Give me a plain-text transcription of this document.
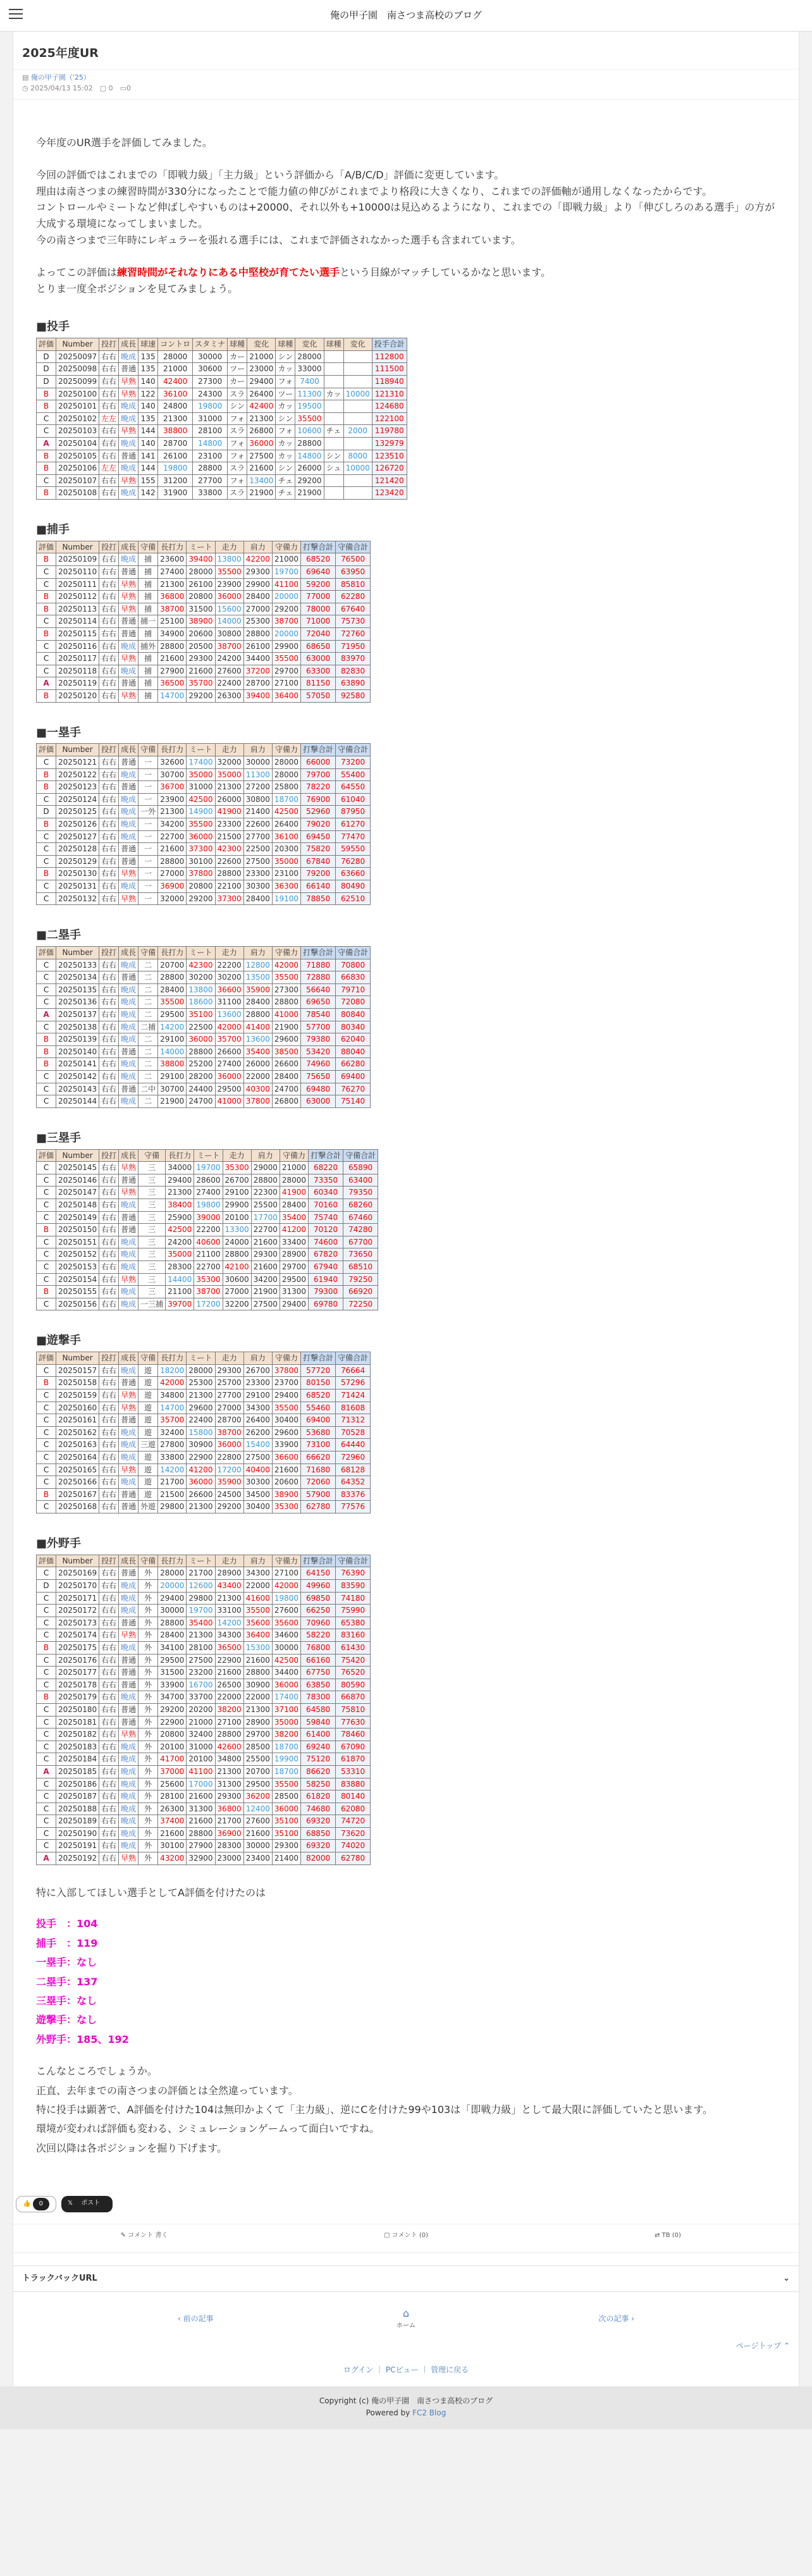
俺の甲子園　南さつま高校のブログ
2025年度UR
▤ 俺の甲子園（'25）
◷ 2025/04/13 15:02　 ▢ 0　 ▭0

今年度のUR選手を評価してみました。

今回の評価ではこれまでの「即戦力級」「主力級」という評価から「A/B/C/D」評価に変更しています。

理由は南さつまの練習時間が330分になったことで能力値の伸びがこれまでより格段に大きくなり、これまでの評価軸が通用しなくなったからです。

コントロールやミートなど伸ばしやすいものは+20000、それ以外も+10000は見込めるようになり、これまでの「即戦力級」より「伸びしろのある選手」の方が大成する環境になってしまいました。

今の南さつまで三年時にレギュラーを張れる選手には、これまで評価されなかった選手も含まれています。

よってこの評価は練習時間がそれなりにある中堅校が育てたい選手という目線がマッチしているかなと思います。

とりま一度全ポジションを見てみましょう。

■投手
評価	Number	投打	成長	球速	コントロ	スタミナ	球種	変化	球種	変化	球種	変化	投手合計
D	20250097	右右	晩成	135	28000	30000	カー	21000	シン	28000			112800
D	20250098	右右	普通	135	21000	30600	ツー	23000	カッ	33000			111500
D	20250099	右右	早熟	140	42400	27300	カー	29400	フォ	7400			118940
B	20250100	右右	早熟	122	36100	24300	スラ	26400	ツー	11300	カッ	10000	121310
B	20250101	右右	晩成	140	24800	19800	シン	42400	カッ	19500			124680
C	20250102	左左	晩成	135	21300	31000	フォ	21300	シン	35500			122100
C	20250103	右右	早熟	144	38800	28100	スラ	26800	フォ	10600	チェ	2000	119780
A	20250104	右右	晩成	140	28700	14800	フォ	36000	カッ	28800			132979
B	20250105	右右	普通	141	26100	23100	フォ	27500	カッ	14800	シン	8000	123510
B	20250106	左左	晩成	144	19800	28800	スラ	21600	シン	26000	シュ	10000	126720
C	20250107	右右	早熟	155	31200	27700	フォ	13400	チェ	29200			121420
B	20250108	右右	晩成	142	31900	33800	スラ	21900	チェ	21900			123420
■捕手
評価	Number	投打	成長	守備	長打力	ミート	走力	肩力	守備力	打撃合計	守備合計
B	20250109	右右	晩成	捕	23600	39400	13800	42200	21000	68520	76500
C	20250110	右右	普通	捕	27400	28000	35500	29300	19700	69640	63950
C	20250111	右右	早熟	捕	21300	26100	23900	29900	41100	59200	85810
B	20250112	右右	早熟	捕	36800	20800	36000	28400	20000	77000	62280
B	20250113	右右	早熟	捕	38700	31500	15600	27000	29200	78000	67640
C	20250114	右右	普通	捕一	25100	38900	14000	25300	38700	71000	75730
B	20250115	右右	普通	捕	34900	20600	30800	28800	20000	72040	72760
C	20250116	右右	晩成	捕外	28800	20500	38700	26100	29900	68650	71950
C	20250117	右右	早熟	捕	21600	29300	24200	34400	35500	63000	83970
C	20250118	右右	晩成	捕	27900	21600	27600	37200	29700	63300	82830
A	20250119	右右	普通	捕	36500	35700	22400	28700	27100	81150	63890
B	20250120	右右	早熟	捕	14700	29200	26300	39400	36400	57050	92580
■一塁手
評価	Number	投打	成長	守備	長打力	ミート	走力	肩力	守備力	打撃合計	守備合計
C	20250121	右右	普通	一	32600	17400	32000	30000	28000	66000	73200
B	20250122	右右	晩成	一	30700	35000	35000	11300	28000	79700	55400
B	20250123	右右	普通	一	36700	31000	21300	27200	25800	78220	64550
C	20250124	右右	晩成	一	23900	42500	26000	30800	18700	76900	61040
D	20250125	右右	晩成	一外	21300	14900	41900	21400	42500	52960	87950
B	20250126	右右	晩成	一	34200	35500	23300	22600	26400	79020	61270
C	20250127	右右	晩成	一	22700	36000	21500	27700	36100	69450	77470
C	20250128	右右	普通	一	21600	37300	42300	22500	20300	75820	59550
C	20250129	右右	普通	一	28800	30100	22600	27500	35000	67840	76280
B	20250130	右右	早熟	一	27000	37800	28800	23300	23100	79200	63660
C	20250131	右右	晩成	一	36900	20800	22100	30300	36300	66140	80490
C	20250132	右右	早熟	一	32000	29200	37300	28400	19100	78850	62510
■二塁手
評価	Number	投打	成長	守備	長打力	ミート	走力	肩力	守備力	打撃合計	守備合計
C	20250133	右右	晩成	二	20700	42300	22200	12800	42000	71880	70800
C	20250134	右右	普通	二	28800	30200	30200	13500	35500	72880	66830
C	20250135	右右	晩成	二	28400	13800	36600	35900	27300	56640	79710
C	20250136	右右	晩成	二	35500	18600	31100	28400	28800	69650	72080
A	20250137	右右	晩成	二	29500	35100	13600	28800	41000	78540	80840
C	20250138	右右	晩成	二捕	14200	22500	42000	41400	21900	57700	80340
B	20250139	右右	晩成	二	29100	36000	35700	13600	29600	79380	62040
B	20250140	右右	普通	二	14000	28800	26600	35400	38500	53420	88040
B	20250141	右右	晩成	二	38800	25200	27400	26000	26600	74960	66280
C	20250142	右右	晩成	二	29100	28200	36000	22000	28400	75650	69400
C	20250143	右右	普通	二中	30700	24400	29500	40300	24700	69480	76270
C	20250144	右右	晩成	二	21900	24700	41000	37800	26800	63000	75140
■三塁手
評価	Number	投打	成長	守備	長打力	ミート	走力	肩力	守備力	打撃合計	守備合計
C	20250145	右右	早熟	三	34000	19700	35300	29000	21000	68220	65890
C	20250146	右右	普通	三	29400	28600	26700	28800	28000	73350	63400
C	20250147	右右	早熟	三	21300	27400	29100	22300	41900	60340	79350
C	20250148	右右	晩成	三	38400	19800	29900	25500	28400	70160	68260
C	20250149	右右	普通	三	25900	39000	20100	17700	35400	75740	67460
B	20250150	右右	普通	三	42500	22200	13300	22700	41200	70120	74280
C	20250151	右右	晩成	三	24200	40600	24000	21600	33400	74600	67700
C	20250152	右右	晩成	三	35000	21100	28800	29300	28900	67820	73650
C	20250153	右右	晩成	三	28300	22700	42100	21600	29700	67940	68510
C	20250154	右右	早熟	三	14400	35300	30600	34200	29500	61940	79250
B	20250155	右右	晩成	三	21100	38700	27000	21900	31300	79300	66920
C	20250156	右右	晩成	一三捕	39700	17200	32200	27500	29400	69780	72250
■遊撃手
評価	Number	投打	成長	守備	長打力	ミート	走力	肩力	守備力	打撃合計	守備合計
C	20250157	右右	晩成	遊	18200	28000	29300	26700	37800	57720	76664
B	20250158	右右	普通	遊	42000	25300	25700	23300	23700	80150	57296
C	20250159	右右	早熟	遊	34800	21300	27700	29100	29400	68520	71424
C	20250160	右右	早熟	遊	14700	29600	27000	34300	35500	55460	81608
C	20250161	右右	普通	遊	35700	22400	28700	26400	30400	69400	71312
C	20250162	右右	晩成	遊	32400	15800	38700	26200	29600	53680	70528
C	20250163	右右	晩成	三遊	27800	30900	36000	15400	33900	73100	64440
C	20250164	右右	晩成	遊	33800	22900	22800	27500	36600	66620	72960
C	20250165	右右	早熟	遊	14200	41200	17200	40400	21600	71680	68128
C	20250166	右右	晩成	遊	21700	36000	35900	30300	20600	72060	64352
B	20250167	右右	普通	遊	21500	26600	24500	34500	38900	57900	83376
C	20250168	右右	普通	外遊	29800	21300	29200	30400	35300	62780	77576
■外野手
評価	Number	投打	成長	守備	長打力	ミート	走力	肩力	守備力	打撃合計	守備合計
C	20250169	右右	普通	外	28000	21700	28900	34300	27100	64150	76390
D	20250170	右右	晩成	外	20000	12600	43400	22000	42000	49960	83590
C	20250171	右右	晩成	外	29400	29800	21300	41600	19800	69850	74180
C	20250172	右右	晩成	外	30000	19700	33100	35500	27600	66250	75990
C	20250173	右右	普通	外	28800	35400	14200	35600	35600	70960	65380
C	20250174	右右	早熟	外	28400	21300	34300	36400	34600	58220	83160
B	20250175	右右	晩成	外	34100	28100	36500	15300	30000	76800	61430
C	20250176	右右	普通	外	29500	27500	22900	21600	42500	66160	75420
C	20250177	右右	普通	外	31500	23200	21600	28800	34400	67750	76520
C	20250178	右右	普通	外	33900	16700	26500	30900	36000	63850	80590
B	20250179	右右	晩成	外	34700	33700	22000	22000	17400	78300	66870
C	20250180	右右	普通	外	29200	20200	38200	21300	37100	64580	75810
C	20250181	右右	普通	外	22900	21000	27100	28900	35000	59840	77630
C	20250182	右右	早熟	外	20800	32400	28800	29700	38200	61400	78460
C	20250183	右右	晩成	外	20100	31000	42600	28500	18700	69240	67090
C	20250184	右右	晩成	外	41700	20100	34800	25500	19900	75120	61870
A	20250185	右右	晩成	外	37000	41100	21300	20700	18700	86620	53310
C	20250186	右右	晩成	外	25600	17000	31300	29500	35500	58250	83880
C	20250187	右右	晩成	外	28100	21600	29300	36200	28500	61820	80140
C	20250188	右右	晩成	外	26300	31300	36800	12400	36000	74680	62080
C	20250189	右右	晩成	外	37400	21600	21700	27600	35100	69320	74720
C	20250190	右右	晩成	外	21600	28800	36900	21600	35100	68850	73620
C	20250191	右右	晩成	外	30100	27900	28300	30000	29300	69320	74020
A	20250192	右右	早熟	外	43200	32900	23000	23400	21400	82000	62780
特に入部してほしい選手としてA評価を付けたのは
投手　：104
捕手　：119
一塁手：なし
二塁手：137
三塁手：なし
遊撃手：なし
外野手：185、192
こんなところでしょうか。
正直、去年までの南さつまの評価とは全然違っています。
特に投手は顕著で、A評価を付けた104は無印かよくて「主力級」、逆にCを付けた99や103は「即戦力級」として最大限に評価していたと思います。
環境が変われば評価も変わる、シミュレーションゲームって面白いですね。
次回以降は各ポジションを掘り下げます。
👍 0	𝕏 ポスト
✎ コメント 書く	▢ コメント (0)	⇄ TB (0)
トラックバックURL	⌄
‹ 前の記事	⌂
ホーム
次の記事 ›
ページトップ ⌃
ログイン ｜ PCビュー ｜ 管理に戻る
Copyright (c) 俺の甲子園　南さつま高校のブログ
Powered by FC2 Blog
